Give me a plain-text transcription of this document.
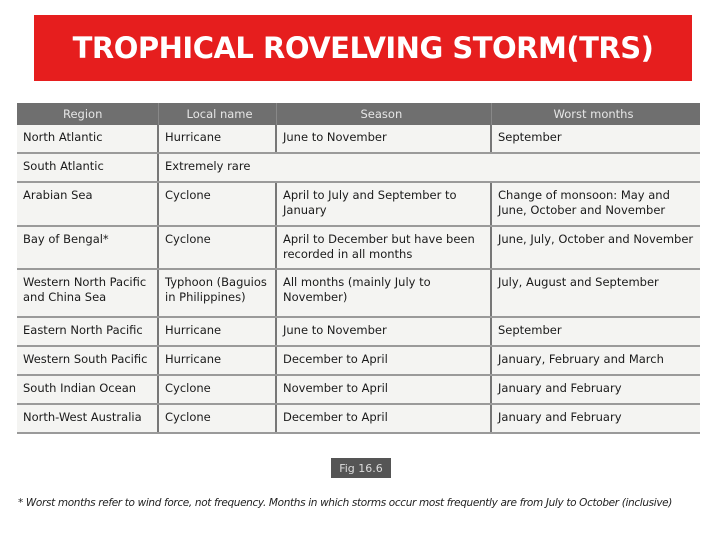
TROPHICAL ROVELVING STORM(TRS)
Region	Local name	Season	Worst months
North Atlantic	Hurricane	June to November	September
South Atlantic	Extremely rare		
Arabian Sea	Cyclone	April to July and September to January	Change of monsoon: May and June, October and November
Bay of Bengal*	Cyclone	April to December but have been recorded in all months	June, July, October and November
Western North Pacific and China Sea	Typhoon (Baguios in Philippines)	All months (mainly July to November)	July, August and September
Eastern North Pacific	Hurricane	June to November	September
Western South Pacific	Hurricane	December to April	January, February and March
South Indian Ocean	Cyclone	November to April	January and February
North-West Australia	Cyclone	December to April	January and February
Fig 16.6
* Worst months refer to wind force, not frequency. Months in which storms occur most frequently are from July to October (inclusive)
